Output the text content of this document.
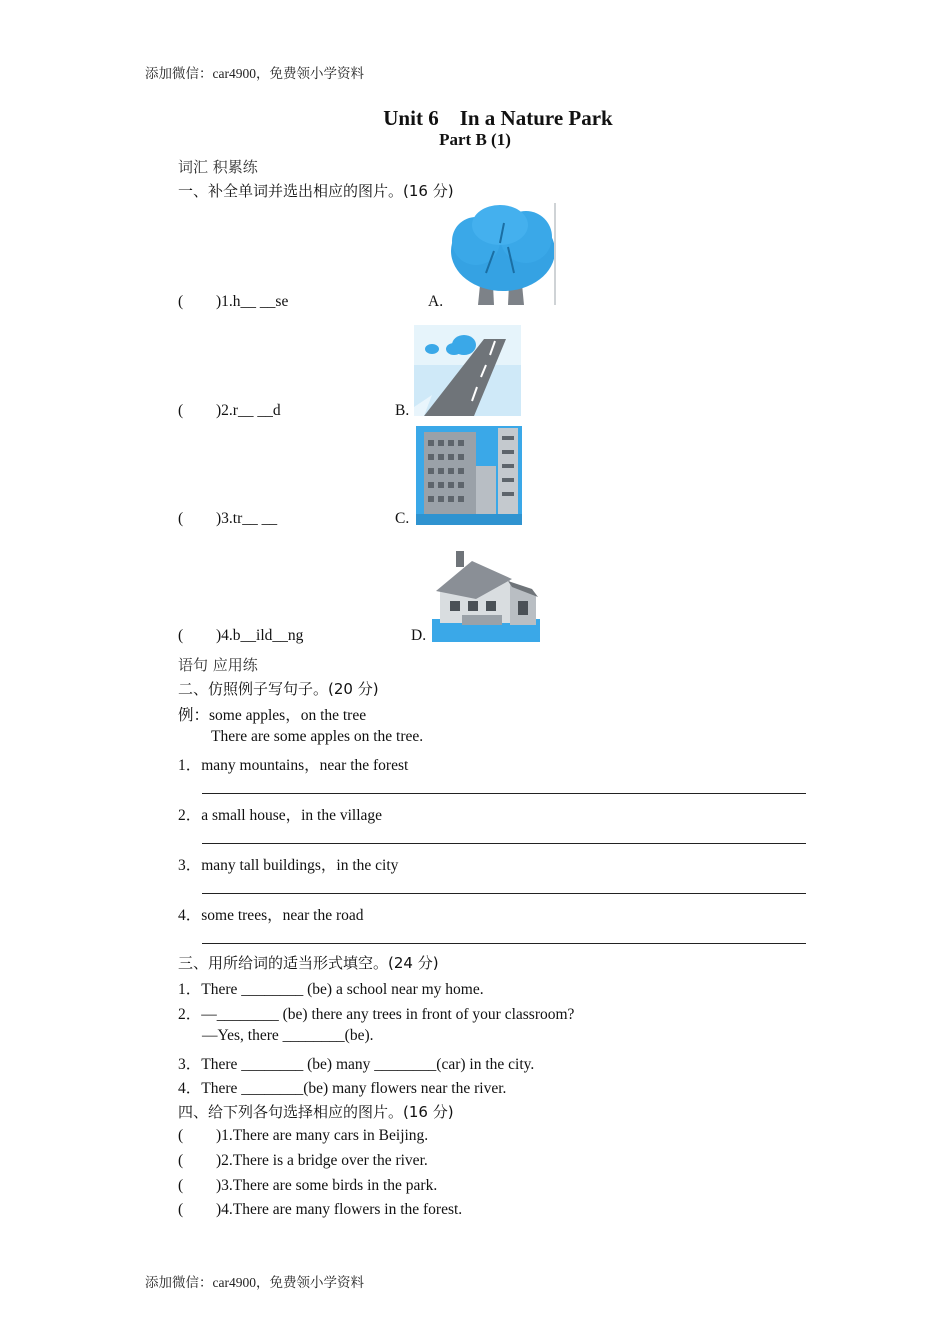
添加微信：car4900，免费领小学资料
Unit 6　In a Nature Park
Part B (1)
词汇 积累练
一、补全单词并选出相应的图片。(16 分)
( )1.h__ __se	A.
( )2.r__ __d	B.
( )3.tr__ __	C.
( )4.b__ild__ng	D.
语句 应用练
二、仿照例子写句子。(20 分)
例：some apples，on the tree
There are some apples on the tree.
1．many mountains，near the forest
2．a small house，in the village
3．many tall buildings，in the city
4．some trees，near the road
三、用所给词的适当形式填空。(24 分)
1．There ________ (be) a school near my home.
2．—________ (be) there any trees in front of your classroom?
—Yes, there ________(be).
3．There ________ (be) many ________(car) in the city.
4．There ________(be) many flowers near the river.
四、给下列各句选择相应的图片。(16 分)
( )1.There are many cars in Beijing.
( )2.There is a bridge over the river.
( )3.There are some birds in the park.
( )4.There are many flowers in the forest.
添加微信：car4900，免费领小学资料
